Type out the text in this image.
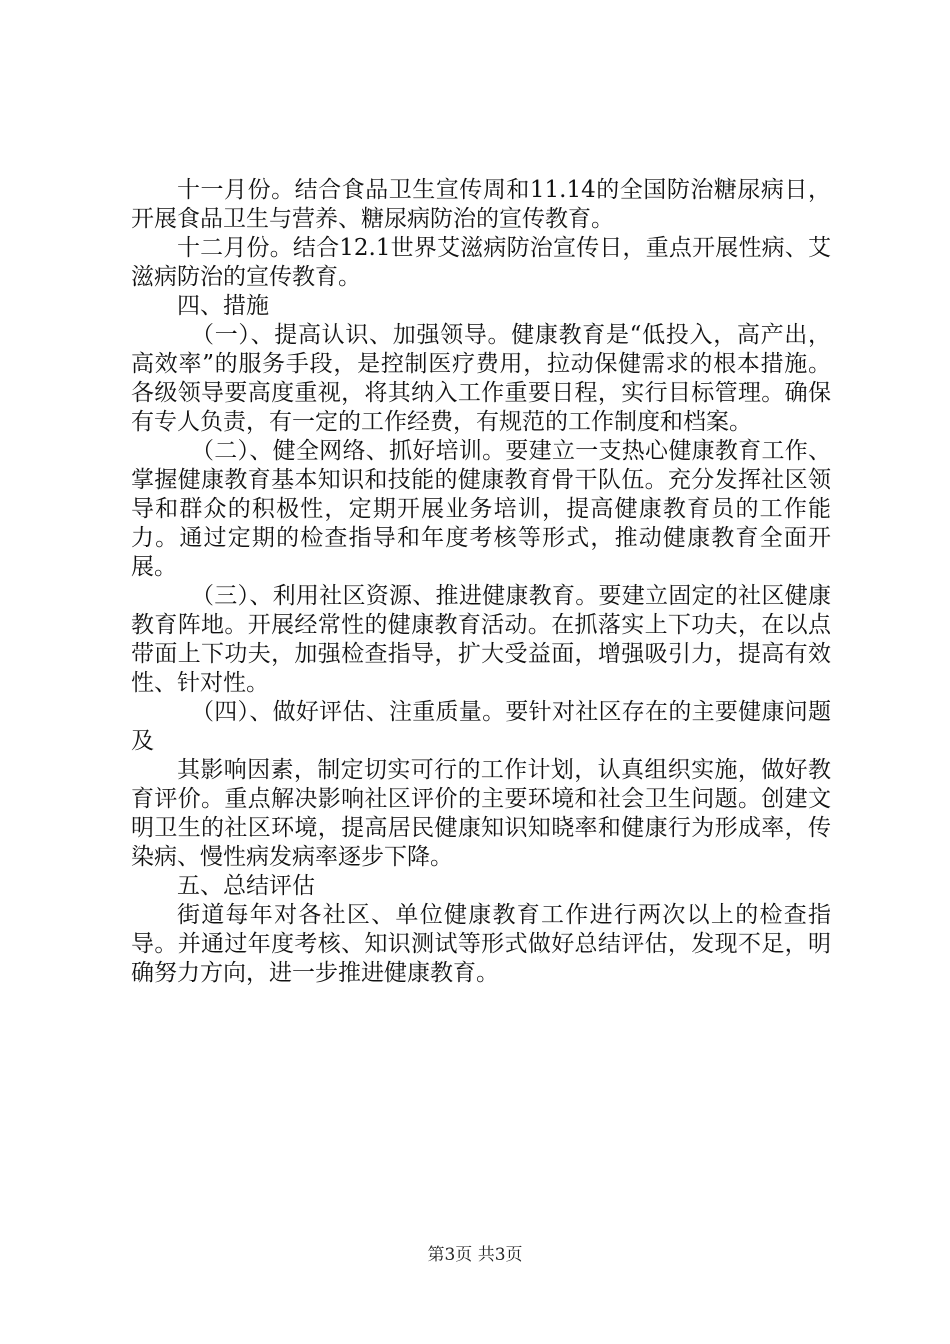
十一月份。结合食品卫生宣传周和11.14的全国防治糖尿病日，开展食品卫生与营养、糖尿病防治的宣传教育。

十二月份。结合12.1世界艾滋病防治宣传日，重点开展性病、艾滋病防治的宣传教育。

四、措施

（一）、提高认识、加强领导。健康教育是“低投入，高产出，高效率”的服务手段，是控制医疗费用，拉动保健需求的根本措施。各级领导要高度重视，将其纳入工作重要日程，实行目标管理。确保有专人负责，有一定的工作经费，有规范的工作制度和档案。

（二）、健全网络、抓好培训。要建立一支热心健康教育工作、掌握健康教育基本知识和技能的健康教育骨干队伍。充分发挥社区领导和群众的积极性，定期开展业务培训，提高健康教育员的工作能力。通过定期的检查指导和年度考核等形式，推动健康教育全面开展。

（三）、利用社区资源、推进健康教育。要建立固定的社区健康教育阵地。开展经常性的健康教育活动。在抓落实上下功夫，在以点带面上下功夫，加强检查指导，扩大受益面，增强吸引力，提高有效性、针对性。

（四）、做好评估、注重质量。要针对社区存在的主要健康问题及

其影响因素，制定切实可行的工作计划，认真组织实施，做好教育评价。重点解决影响社区评价的主要环境和社会卫生问题。创建文明卫生的社区环境，提高居民健康知识知晓率和健康行为形成率，传染病、慢性病发病率逐步下降。

五、总结评估

街道每年对各社区、单位健康教育工作进行两次以上的检查指导。并通过年度考核、知识测试等形式做好总结评估，发现不足，明确努力方向，进一步推进健康教育。

第3页 共3页
